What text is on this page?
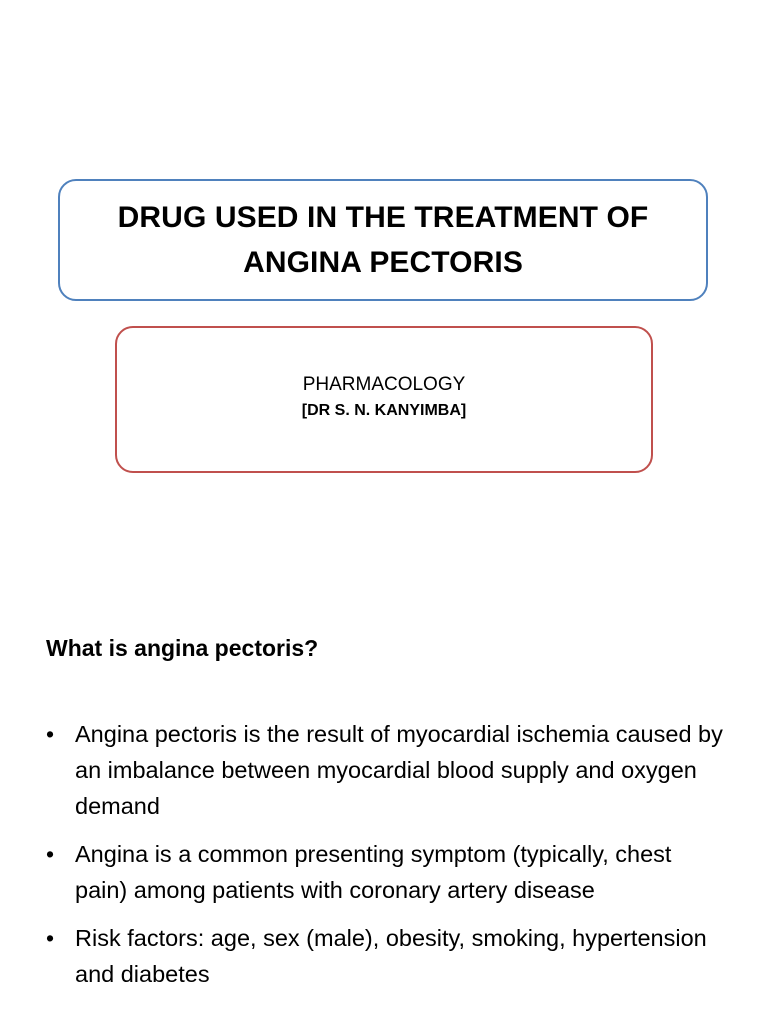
DRUG USED IN THE TREATMENT OF
ANGINA PECTORIS
PHARMACOLOGY
[DR S. N. KANYIMBA]
What is angina pectoris?
• Angina pectoris is the result of myocardial ischemia caused by an imbalance between myocardial blood supply and oxygen demand
• Angina is a common presenting symptom (typically, chest pain) among patients with coronary artery disease
• Risk factors: age, sex (male), obesity, smoking, hypertension and diabetes
